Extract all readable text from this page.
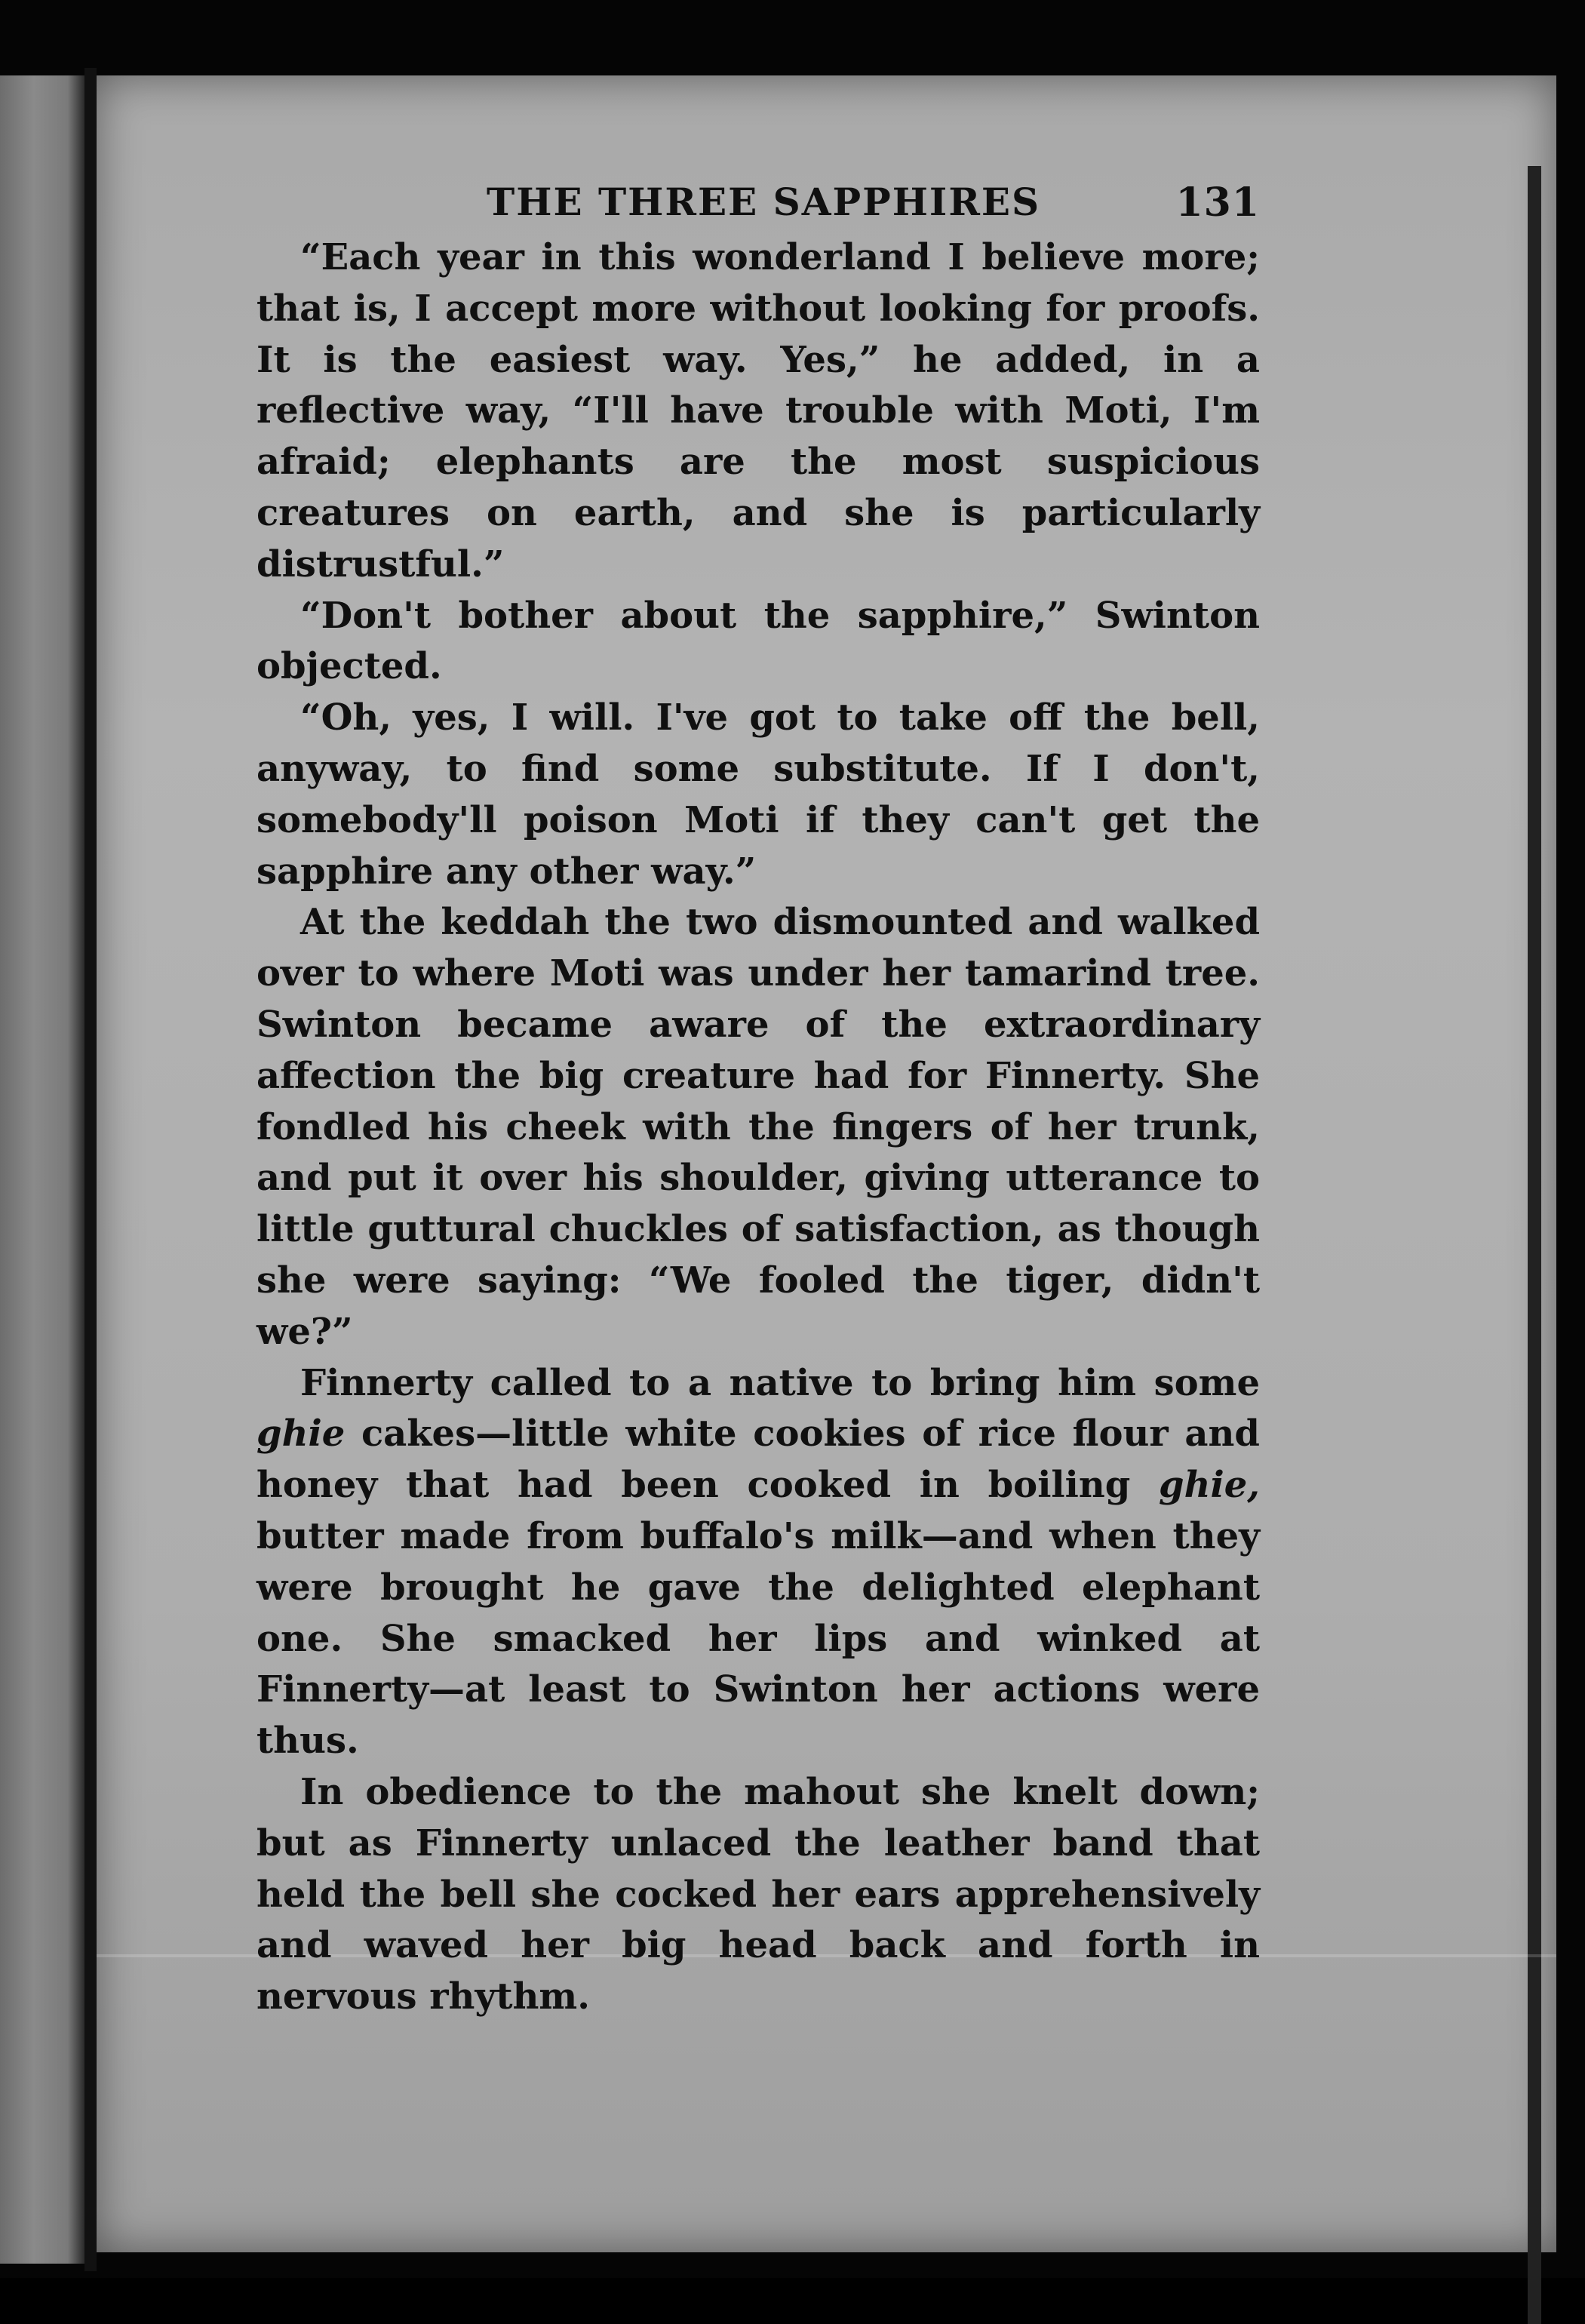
THE THREE SAPPHIRES	131

“Each year in this wonderland I believe more; that is, I accept more without looking for proofs. It is the easiest way. Yes,” he added, in a reflective way, “I'll have trouble with Moti, I'm afraid; elephants are the most suspicious creatures on earth, and she is particularly distrustful.”

“Don't bother about the sapphire,” Swinton objected.

“Oh, yes, I will. I've got to take off the bell, anyway, to find some substitute. If I don't, somebody'll poison Moti if they can't get the sapphire any other way.”

At the keddah the two dismounted and walked over to where Moti was under her tamarind tree. Swinton became aware of the extraordinary affection the big creature had for Finnerty. She fondled his cheek with the fingers of her trunk, and put it over his shoulder, giving utterance to little guttural chuckles of satisfaction, as though she were saying: “We fooled the tiger, didn't we?”

Finnerty called to a native to bring him some ghie cakes—little white cookies of rice flour and honey that had been cooked in boiling ghie, butter made from buffalo's milk—and when they were brought he gave the delighted elephant one. She smacked her lips and winked at Finnerty—at least to Swinton her actions were thus.

In obedience to the mahout she knelt down; but as Finnerty unlaced the leather band that held the bell she cocked her ears apprehensively and waved her big head back and forth in nervous rhythm.
